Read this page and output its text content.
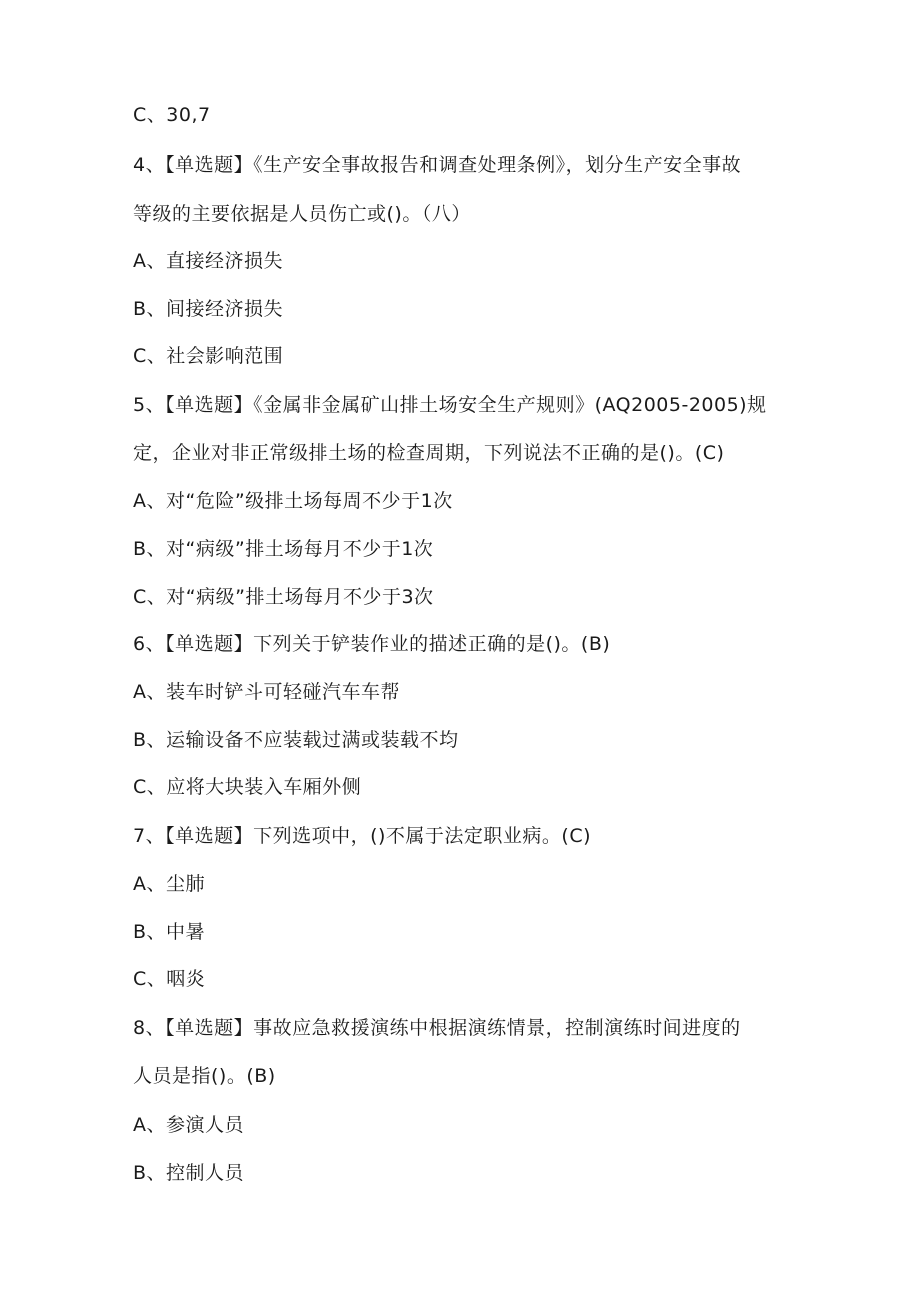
C、30,7
4、【单选题】《生产安全事故报告和调查处理条例》，划分生产安全事故
等级的主要依据是人员伤亡或()。（八）
A、直接经济损失
B、间接经济损失
C、社会影响范围
5、【单选题】《金属非金属矿山排土场安全生产规则》(AQ2005-2005)规
定，企业对非正常级排土场的检查周期，下列说法不正确的是()。(C)
A、对“危险”级排土场每周不少于1次
B、对“病级”排土场每月不少于1次
C、对“病级”排土场每月不少于3次
6、【单选题】下列关于铲装作业的描述正确的是()。(B)
A、装车时铲斗可轻碰汽车车帮
B、运输设备不应装载过满或装载不均
C、应将大块装入车厢外侧
7、【单选题】下列选项中，()不属于法定职业病。(C)
A、尘肺
B、中暑
C、咽炎
8、【单选题】事故应急救援演练中根据演练情景，控制演练时间进度的
人员是指()。(B)
A、参演人员
B、控制人员
